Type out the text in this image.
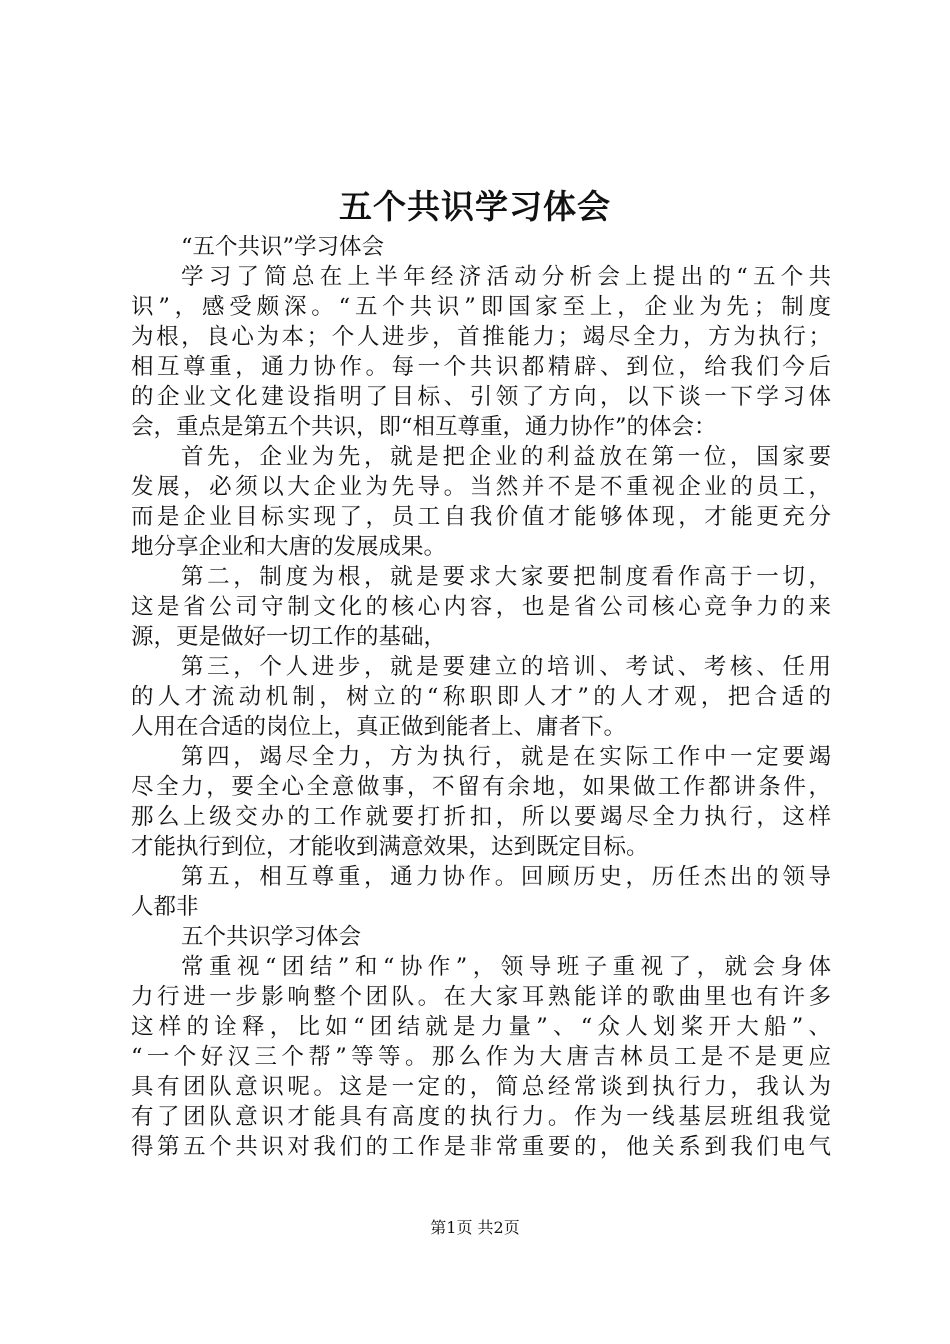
五个共识学习体会
“五个共识”学习体会
学习了简总在上半年经济活动分析会上提出的“五个共
识”，感受颇深。“五个共识”即国家至上，企业为先；制度
为根，良心为本；个人进步，首推能力；竭尽全力，方为执行；
相互尊重，通力协作。每一个共识都精辟、到位，给我们今后
的企业文化建设指明了目标、引领了方向，以下谈一下学习体
会，重点是第五个共识，即“相互尊重，通力协作”的体会：
首先，企业为先，就是把企业的利益放在第一位，国家要
发展，必须以大企业为先导。当然并不是不重视企业的员工，
而是企业目标实现了，员工自我价值才能够体现，才能更充分
地分享企业和大唐的发展成果。
第二，制度为根，就是要求大家要把制度看作高于一切，
这是省公司守制文化的核心内容，也是省公司核心竞争力的来
源，更是做好一切工作的基础，
第三，个人进步，就是要建立的培训、考试、考核、任用
的人才流动机制，树立的“称职即人才”的人才观，把合适的
人用在合适的岗位上，真正做到能者上、庸者下。
第四，竭尽全力，方为执行，就是在实际工作中一定要竭
尽全力，要全心全意做事，不留有余地，如果做工作都讲条件，
那么上级交办的工作就要打折扣，所以要竭尽全力执行，这样
才能执行到位，才能收到满意效果，达到既定目标。
第五，相互尊重，通力协作。回顾历史，历任杰出的领导
人都非
五个共识学习体会
常重视“团结”和“协作”，领导班子重视了，就会身体
力行进一步影响整个团队。在大家耳熟能详的歌曲里也有许多
这样的诠释，比如“团结就是力量”、“众人划桨开大船”、
“一个好汉三个帮”等等。那么作为大唐吉林员工是不是更应
具有团队意识呢。这是一定的，简总经常谈到执行力，我认为
有了团队意识才能具有高度的执行力。作为一线基层班组我觉
得第五个共识对我们的工作是非常重要的，他关系到我们电气
第1页 共2页
